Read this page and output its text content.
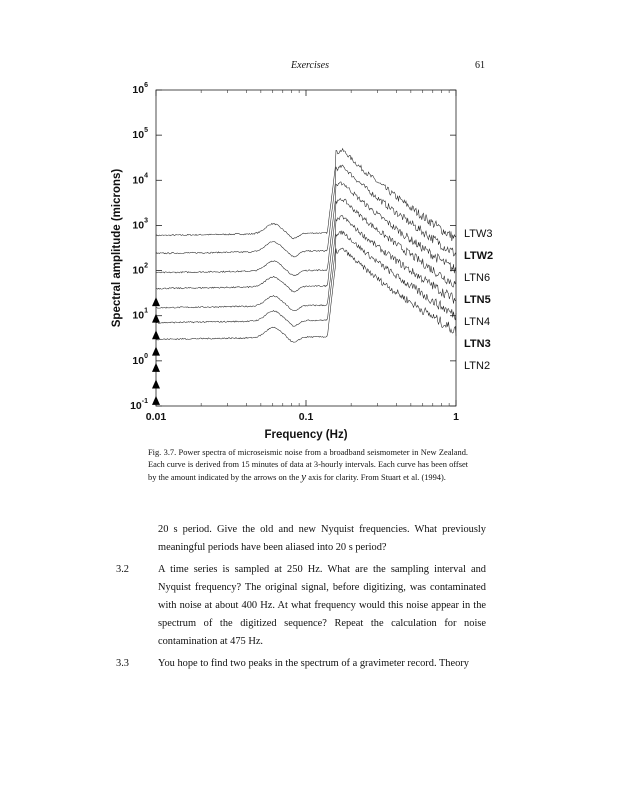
Exercises	61
0.01	0.1	1
$10^{-1}$
$10^0$
$10^1$
$10^2$
$10^3$
$10^4$
$10^5$
$10^6$
Frequency (Hz)
Spectral amplitude (microns)	LTW3
LTW2
LTN6
LTN5
LTN4
LTN3
LTN2
Fig. 3.7. Power spectra of microseismic noise from a broadband seismometer in New Zealand. Each curve is derived from 15 minutes of data at 3-hourly intervals. Each curve has been offset by the amount indicated by the arrows on the y axis for clarity. From Stuart et al. (1994).

20 s period. Give the old and new Nyquist frequencies. What previously meaningful periods have been aliased into 20 s period?

3.2	A time series is sampled at 250 Hz. What are the sampling interval and Nyquist frequency? The original signal, before digitizing, was contaminated with noise at about 400 Hz. At what frequency would this noise appear in the spectrum of the digitized sequence? Repeat the calculation for noise contamination at 475 Hz.
3.3	You hope to find two peaks in the spectrum of a gravimeter record. Theory
